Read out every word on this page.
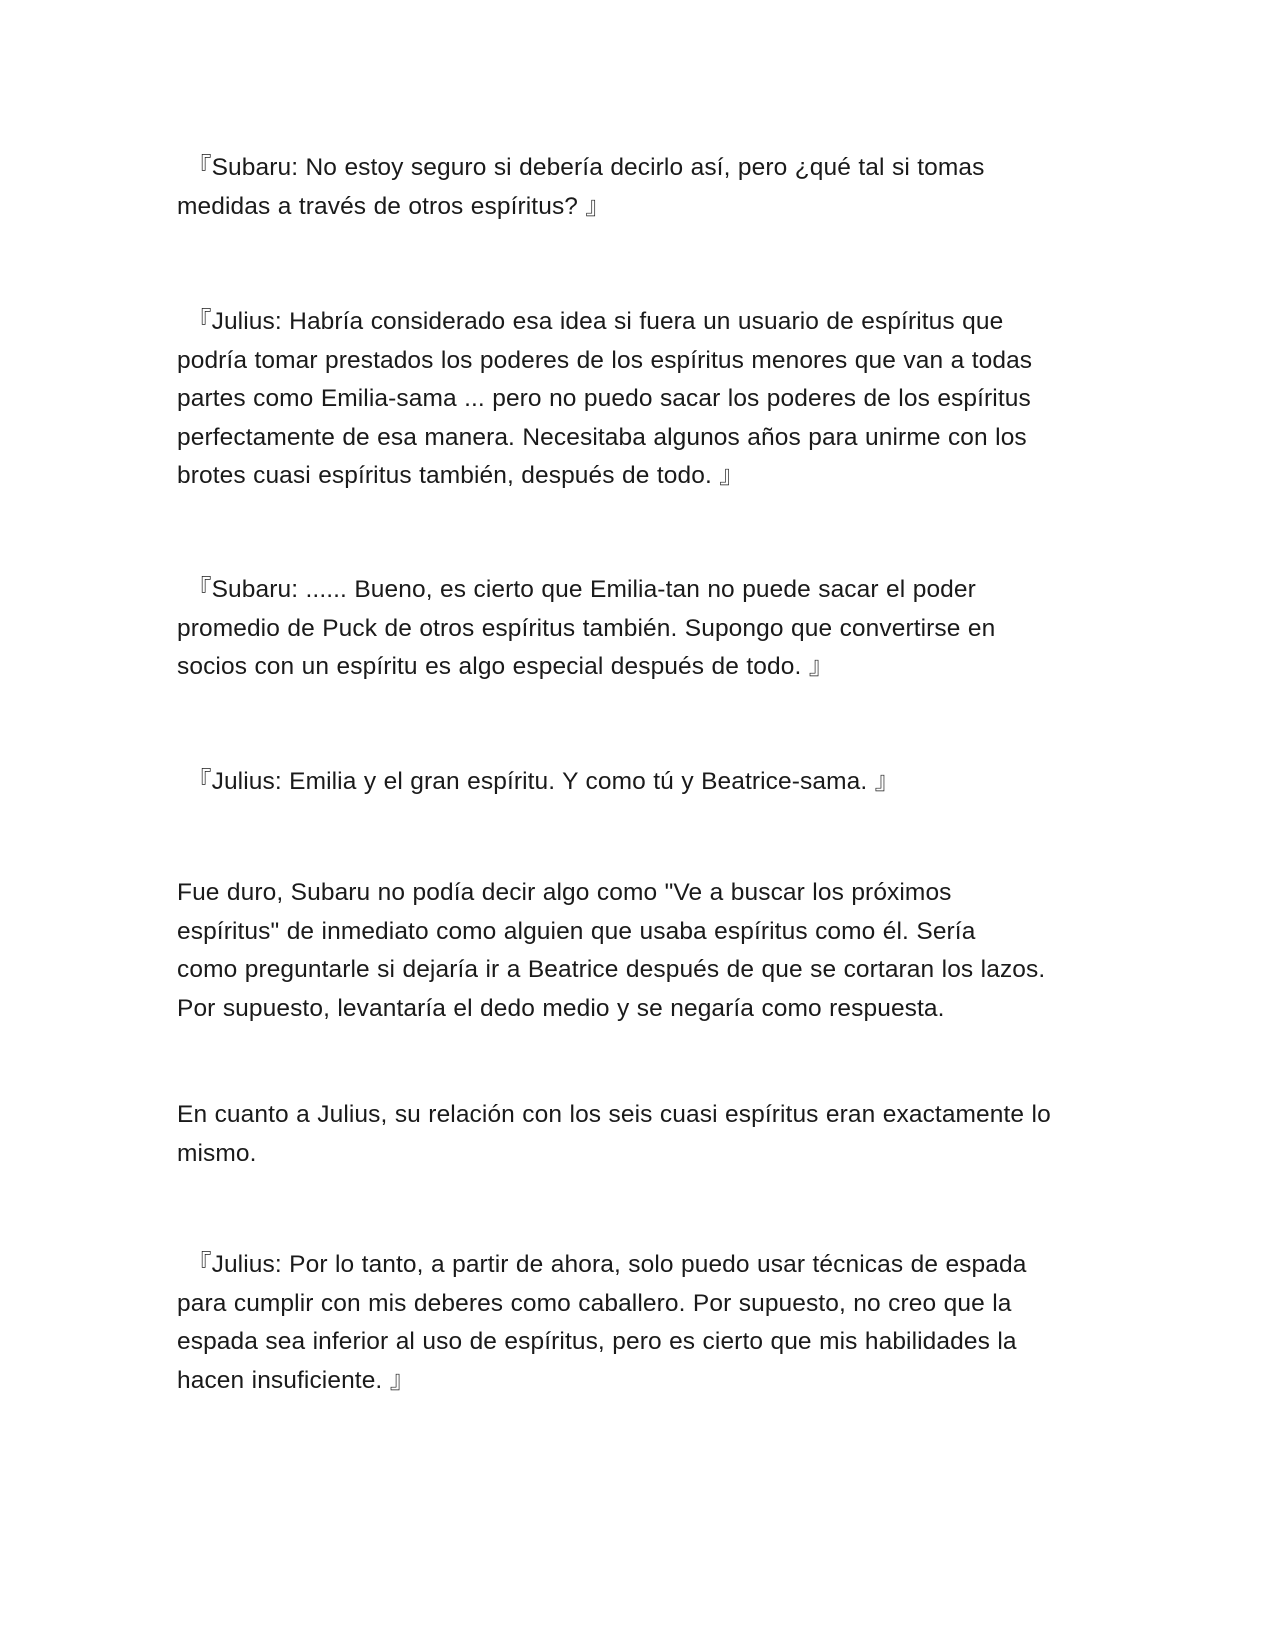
『Subaru: No estoy seguro si debería decirlo así, pero ¿qué tal si tomas
medidas a través de otros espíritus? 』

『Julius: Habría considerado esa idea si fuera un usuario de espíritus que
podría tomar prestados los poderes de los espíritus menores que van a todas
partes como Emilia-sama ... pero no puedo sacar los poderes de los espíritus
perfectamente de esa manera. Necesitaba algunos años para unirme con los
brotes cuasi espíritus también, después de todo. 』

『Subaru: ...... Bueno, es cierto que Emilia-tan no puede sacar el poder
promedio de Puck de otros espíritus también. Supongo que convertirse en
socios con un espíritu es algo especial después de todo. 』

『Julius: Emilia y el gran espíritu. Y como tú y Beatrice-sama. 』

Fue duro, Subaru no podía decir algo como "Ve a buscar los próximos
espíritus" de inmediato como alguien que usaba espíritus como él. Sería
como preguntarle si dejaría ir a Beatrice después de que se cortaran los lazos.
Por supuesto, levantaría el dedo medio y se negaría como respuesta.

En cuanto a Julius, su relación con los seis cuasi espíritus eran exactamente lo
mismo.

『Julius: Por lo tanto, a partir de ahora, solo puedo usar técnicas de espada
para cumplir con mis deberes como caballero. Por supuesto, no creo que la
espada sea inferior al uso de espíritus, pero es cierto que mis habilidades la
hacen insuficiente. 』
